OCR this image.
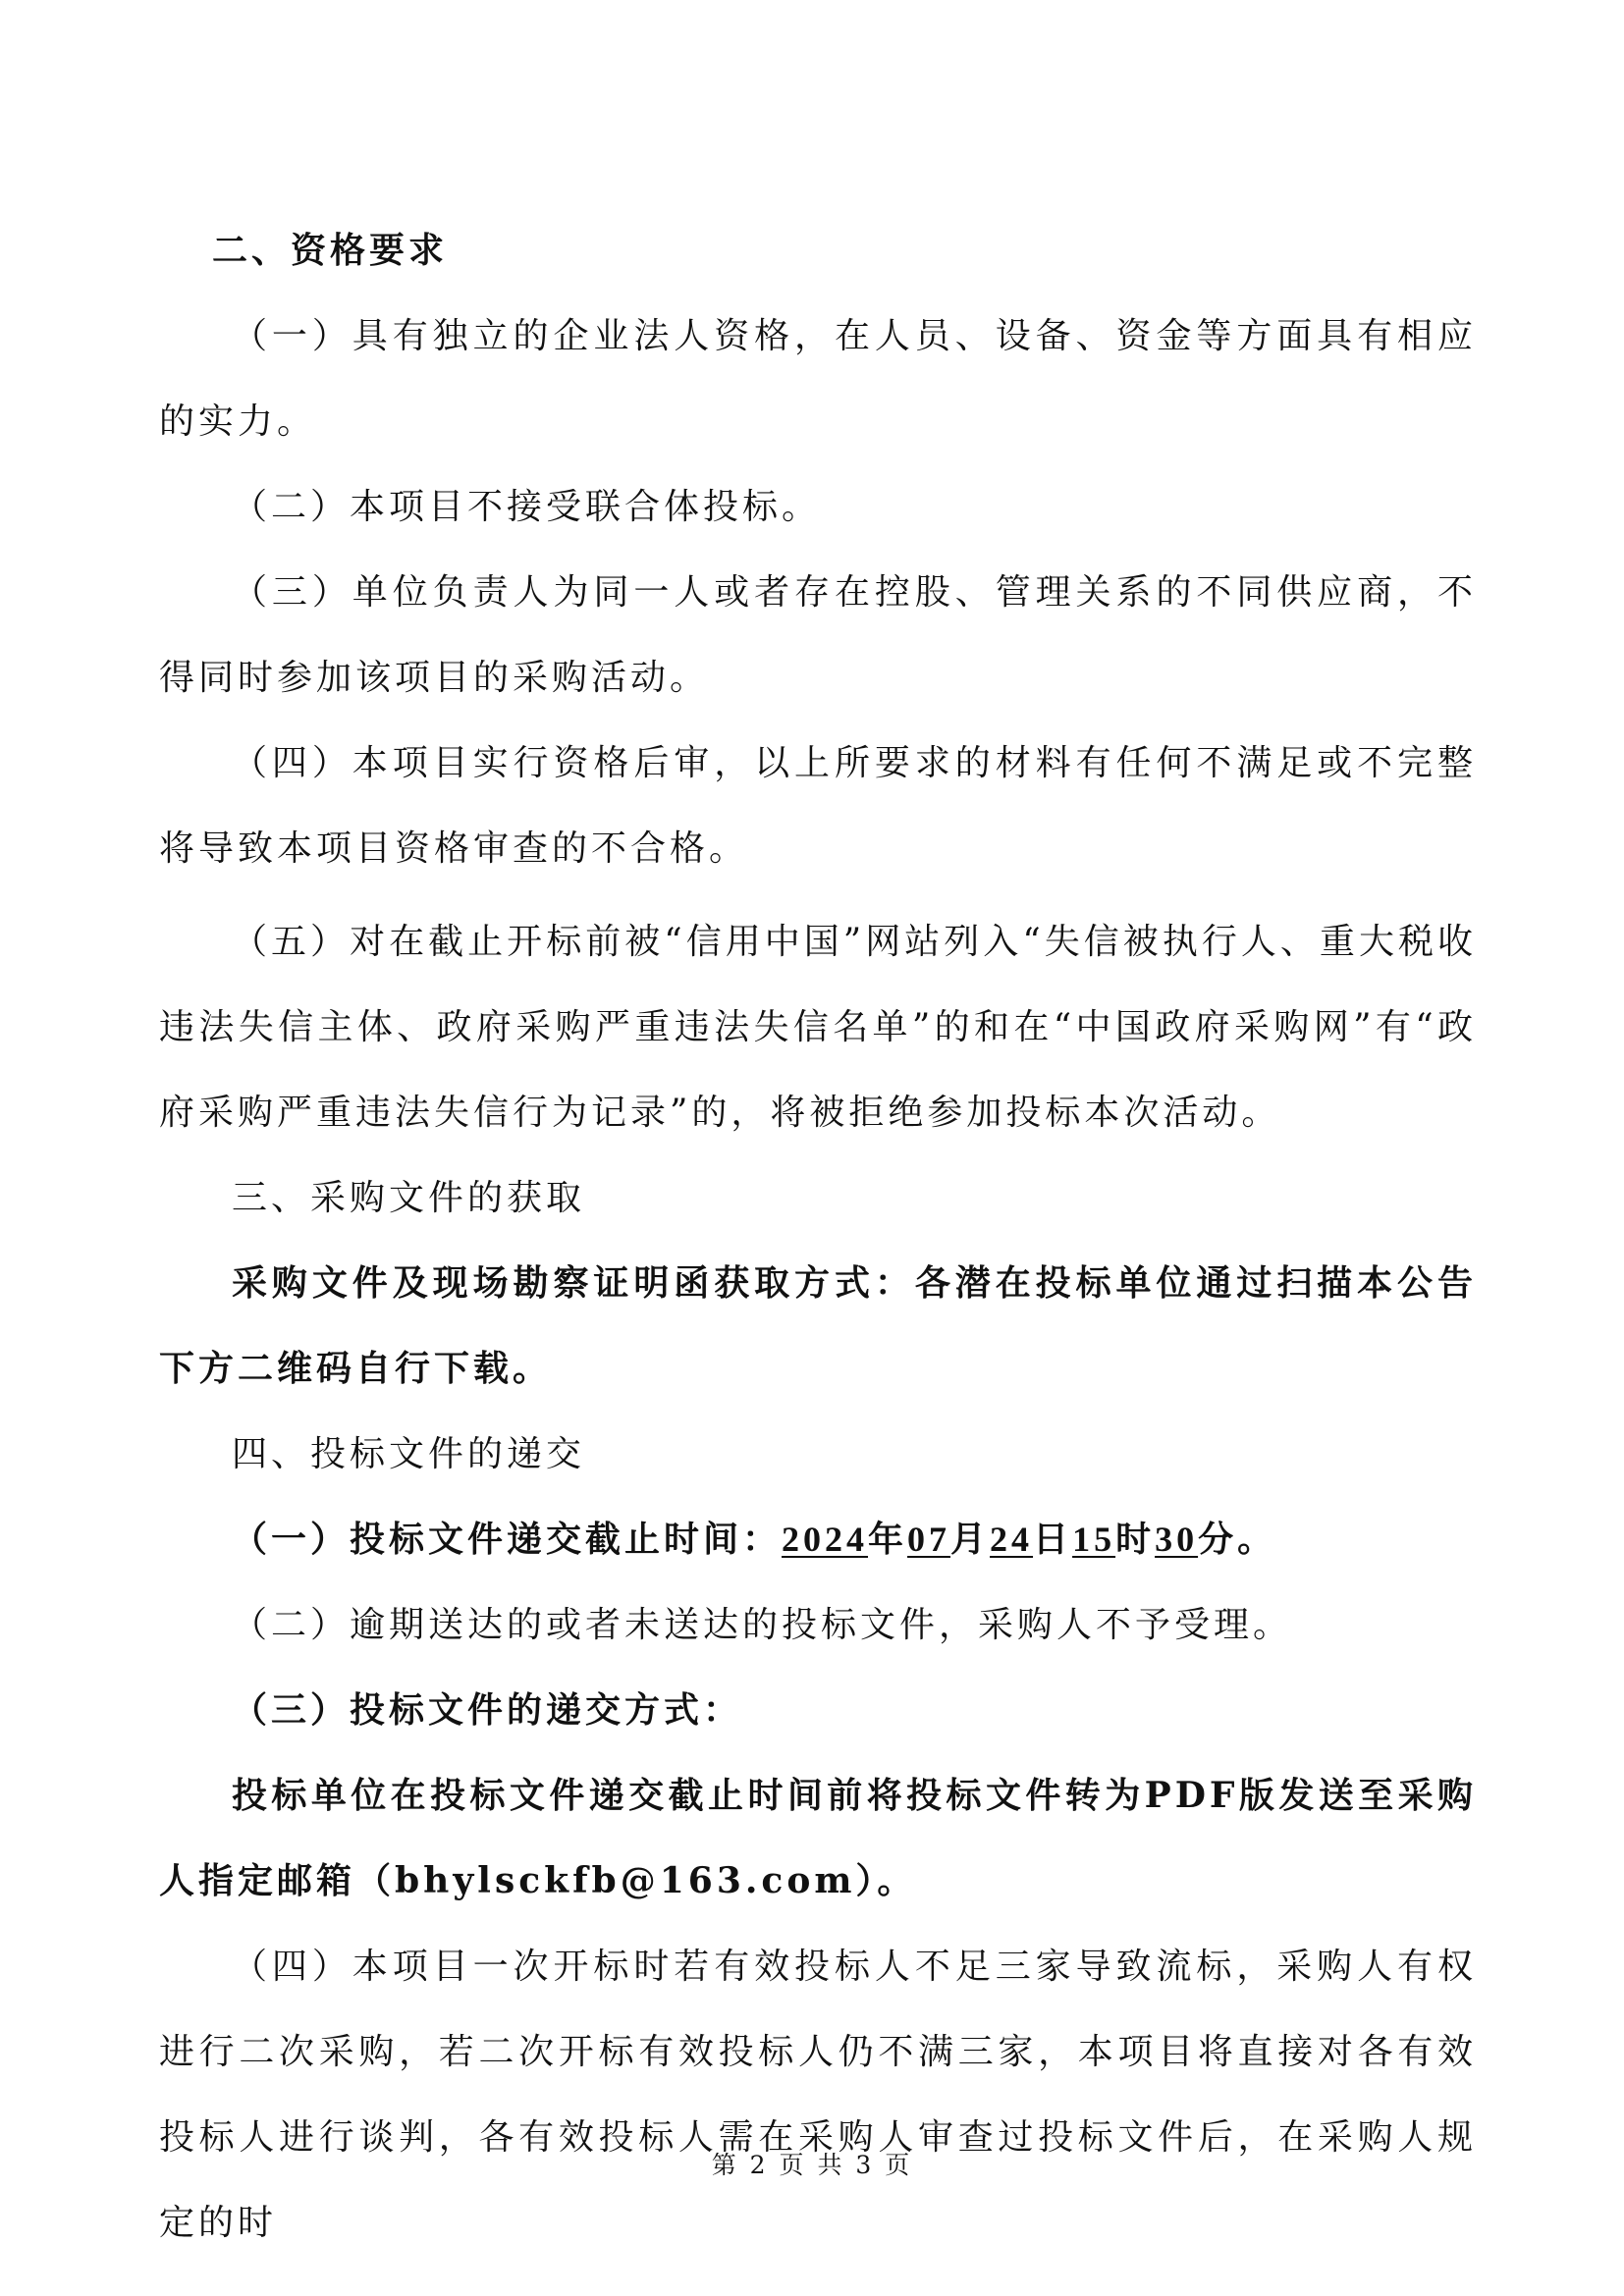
二、资格要求

（一）具有独立的企业法人资格，在人员、设备、资金等方面具有相应的实力。

（二）本项目不接受联合体投标。

（三）单位负责人为同一人或者存在控股、管理关系的不同供应商，不得同时参加该项目的采购活动。

（四）本项目实行资格后审，以上所要求的材料有任何不满足或不完整将导致本项目资格审查的不合格。

（五）对在截止开标前被“信用中国”网站列入“失信被执行人、重大税收违法失信主体、政府采购严重违法失信名单”的和在“中国政府采购网”有“政府采购严重违法失信行为记录”的，将被拒绝参加投标本次活动。

三、采购文件的获取

采购文件及现场勘察证明函获取方式：各潜在投标单位通过扫描本公告下方二维码自行下载。

四、投标文件的递交

（一）投标文件递交截止时间：2024年07月24日15时30分。

（二）逾期送达的或者未送达的投标文件，采购人不予受理。

（三）投标文件的递交方式：

投标单位在投标文件递交截止时间前将投标文件转为PDF版发送至采购人指定邮箱（bhylsckfb@163.com）。

（四）本项目一次开标时若有效投标人不足三家导致流标，采购人有权进行二次采购，若二次开标有效投标人仍不满三家，本项目将直接对各有效投标人进行谈判，各有效投标人需在采购人审查过投标文件后，在采购人规定的时

第 2 页 共 3 页
